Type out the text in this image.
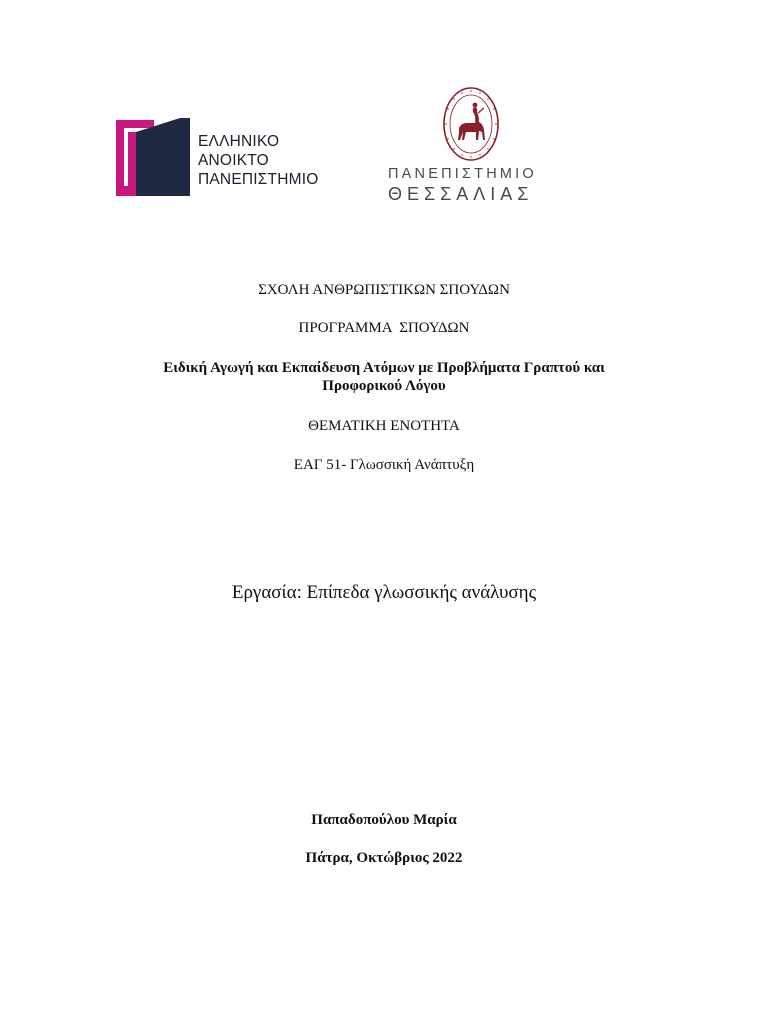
ΕΛΛΗΝΙΚΟ
ΑΝΟΙΚΤΟ
ΠΑΝΕΠΙΣΤΗΜΙΟ	ΠΑΝΕΠΙΣΤΗΜΙΟ
ΘΕΣΣΑΛΙΑΣ
ΣΧΟΛΗ ΑΝΘΡΩΠΙΣΤΙΚΩΝ ΣΠΟΥΔΩΝ
ΠΡΟΓΡΑΜΜΑ  ΣΠΟΥΔΩΝ
Ειδική Αγωγή και Εκπαίδευση Ατόμων με Προβλήματα Γραπτού και
Προφορικού Λόγου
ΘΕΜΑΤΙΚΗ ΕΝΟΤΗΤΑ
ΕΑΓ 51- Γλωσσική Ανάπτυξη
Εργασία: Επίπεδα γλωσσικής ανάλυσης
Παπαδοπούλου Μαρία
Πάτρα, Οκτώβριος 2022
